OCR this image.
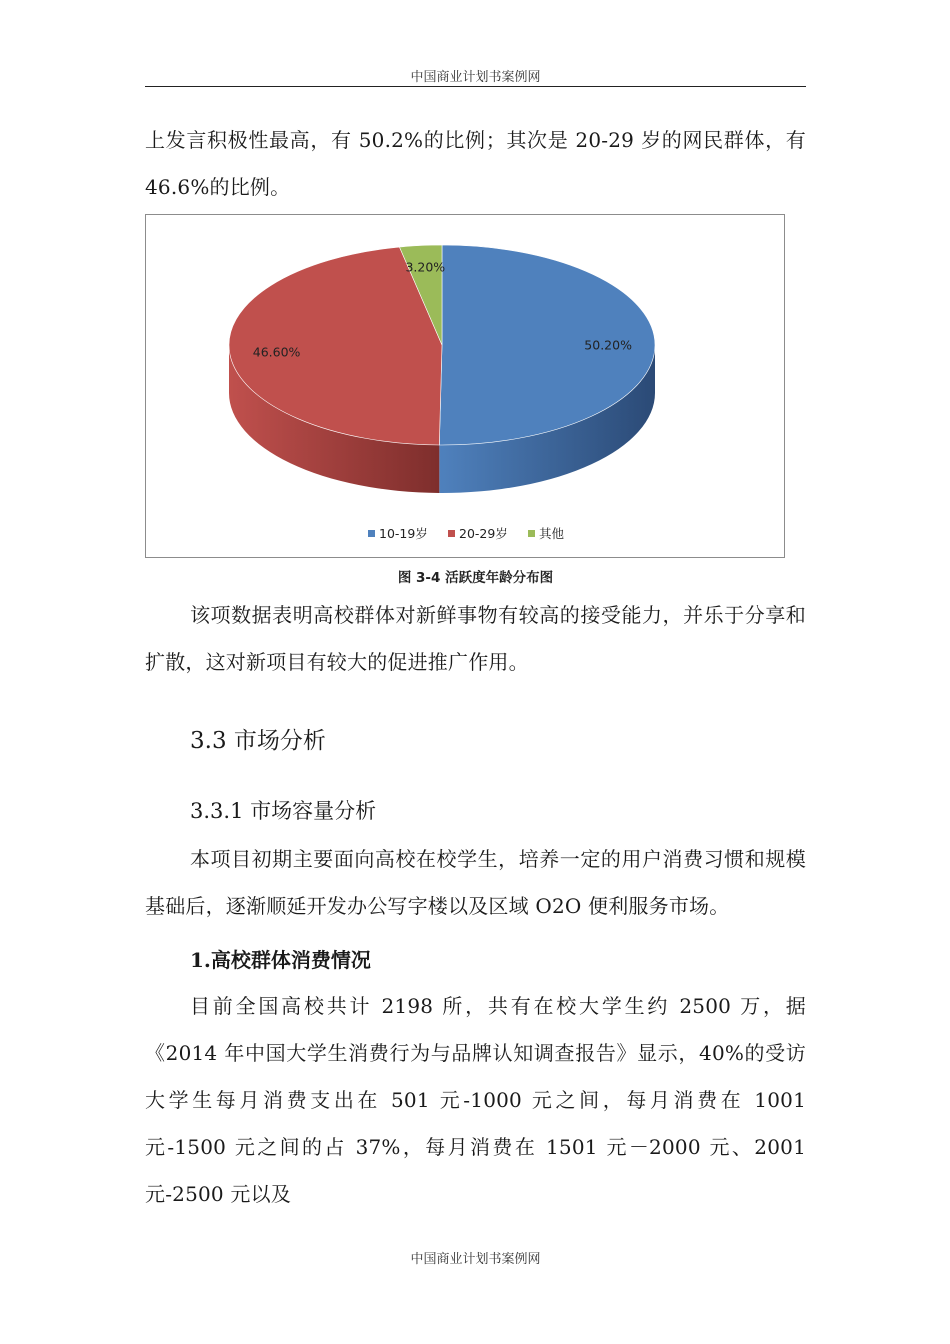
中国商业计划书案例网

上发言积极性最高，有 50.2%的比例；其次是 20-29 岁的网民群体，有 46.6%的比例。

50.20%
46.60%
3.20%
10-19岁 20-29岁 其他
图 3-4 活跃度年龄分布图

该项数据表明高校群体对新鲜事物有较高的接受能力，并乐于分享和扩散，这对新项目有较大的促进推广作用。

3.3 市场分析
3.3.1 市场容量分析

本项目初期主要面向高校在校学生，培养一定的用户消费习惯和规模基础后，逐渐顺延开发办公写字楼以及区域 O2O 便利服务市场。

1.高校群体消费情况

目前全国高校共计 2198 所，共有在校大学生约 2500 万，据《2014 年中国大学生消费行为与品牌认知调查报告》显示，40%的受访大学生每月消费支出在 501 元-1000 元之间，每月消费在 1001 元-1500 元之间的占 37%，每月消费在 1501 元－2000 元、2001 元-2500 元以及

中国商业计划书案例网
